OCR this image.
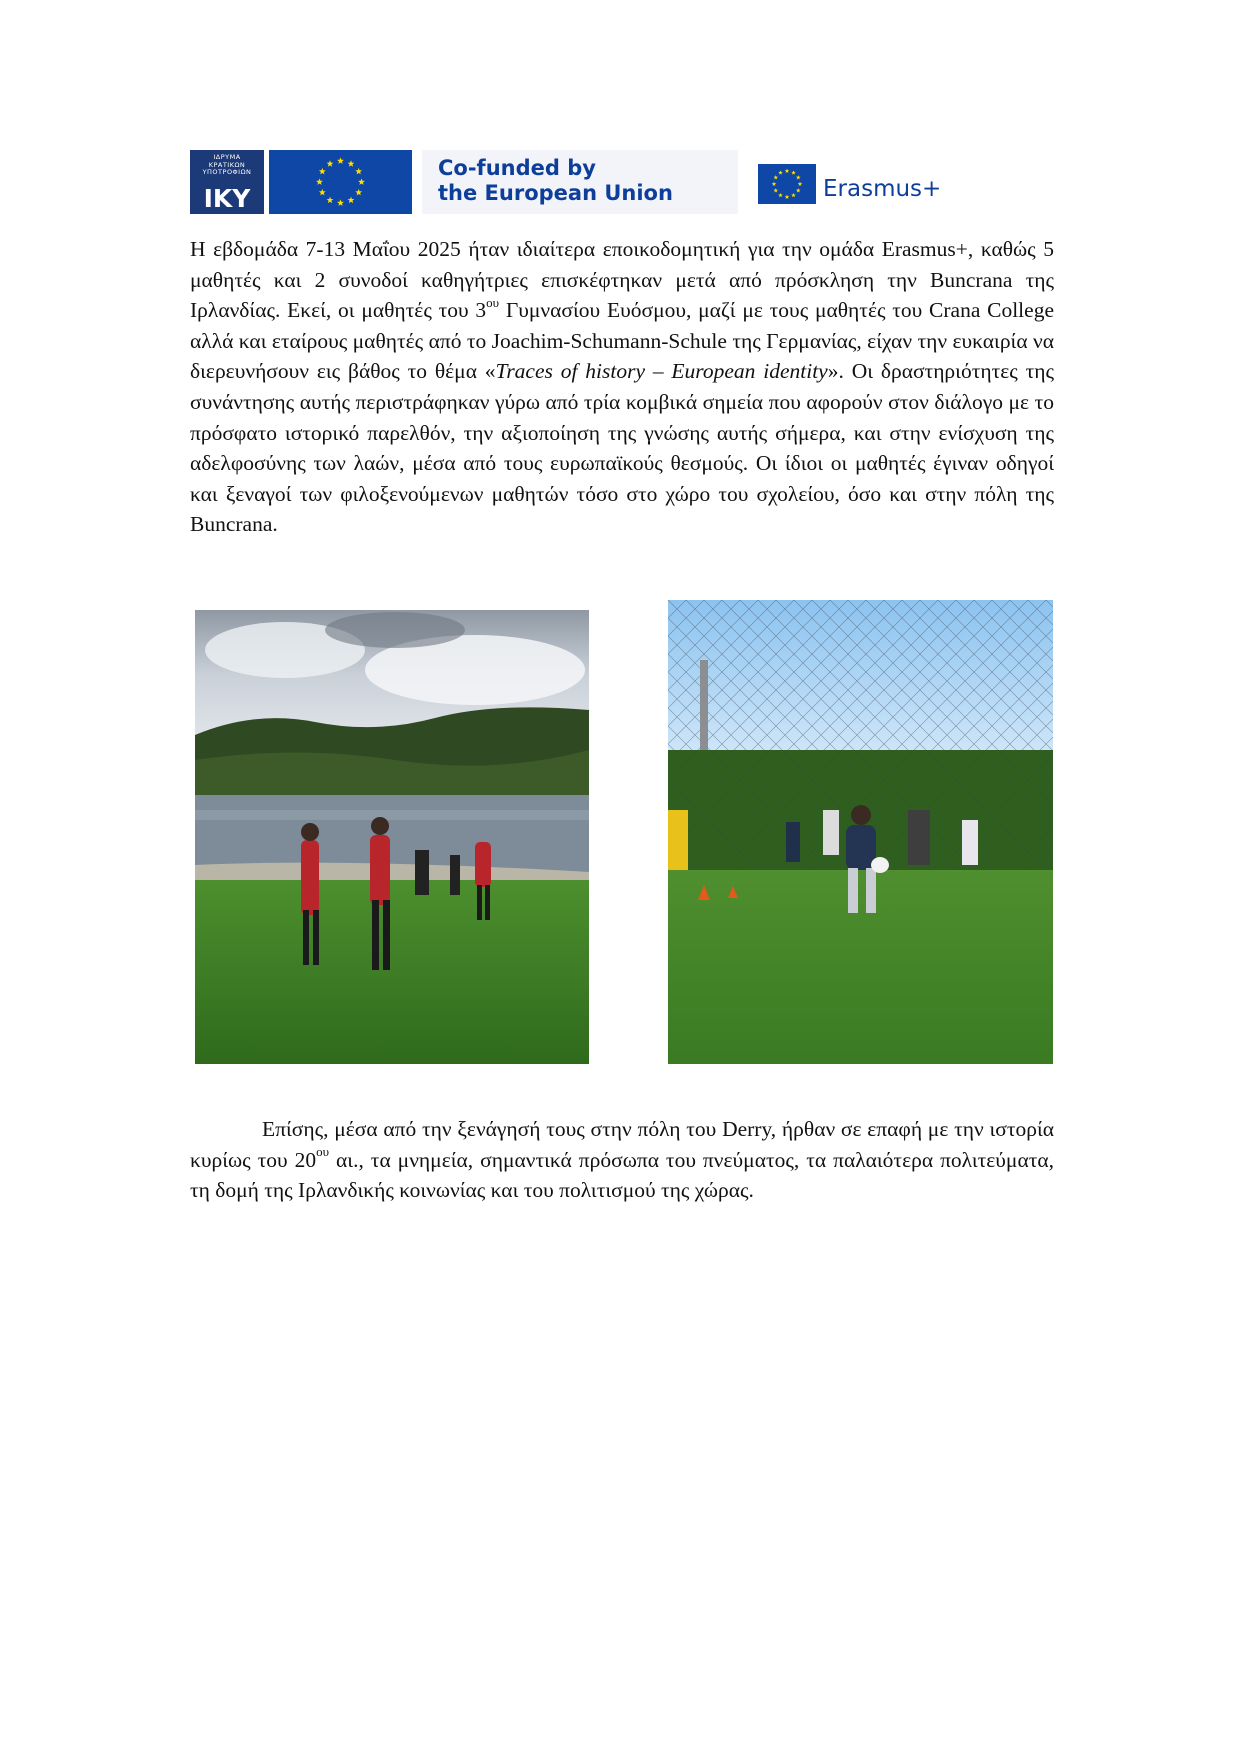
ΙΔΡΥΜΑ
ΚΡΑΤΙΚΩΝ
ΥΠΟΤΡΟΦΙΩΝ
IKY
Co-funded by
the European Union	Erasmus+

Η εβδομάδα 7-13 Μαΐου 2025 ήταν ιδιαίτερα εποικοδομητική για την ομάδα Erasmus+, καθώς 5 μαθητές και 2 συνοδοί καθηγήτριες επισκέφτηκαν μετά από πρόσκληση την Buncrana της Ιρλανδίας. Εκεί, οι μαθητές του $3^{o\upsilon}$ Γυμνασίου Ευόσμου, μαζί με τους μαθητές του Crana College αλλά και εταίρους μαθητές από το Joachim-Schumann-Schule της Γερμανίας, είχαν την ευκαιρία να διερευνήσουν εις βάθος το θέμα «Traces of history – European identity». Οι δραστηριότητες της συνάντησης αυτής περιστράφηκαν γύρω από τρία κομβικά σημεία που αφορούν στον διάλογο με το πρόσφατο ιστορικό παρελθόν, την αξιοποίηση της γνώσης αυτής σήμερα, και στην ενίσχυση της αδελφοσύνης των λαών, μέσα από τους ευρωπαϊκούς θεσμούς. Οι ίδιοι οι μαθητές έγιναν οδηγοί και ξεναγοί των φιλοξενούμενων μαθητών τόσο στο χώρο του σχολείου, όσο και στην πόλη της Buncrana.

Επίσης, μέσα από την ξενάγησή τους στην πόλη του Derry, ήρθαν σε επαφή με την ιστορία κυρίως του $20^{o\upsilon}$ αι., τα μνημεία, σημαντικά πρόσωπα του πνεύματος, τα παλαιότερα πολιτεύματα, τη δομή της Ιρλανδικής κοινωνίας και του πολιτισμού της χώρας.
